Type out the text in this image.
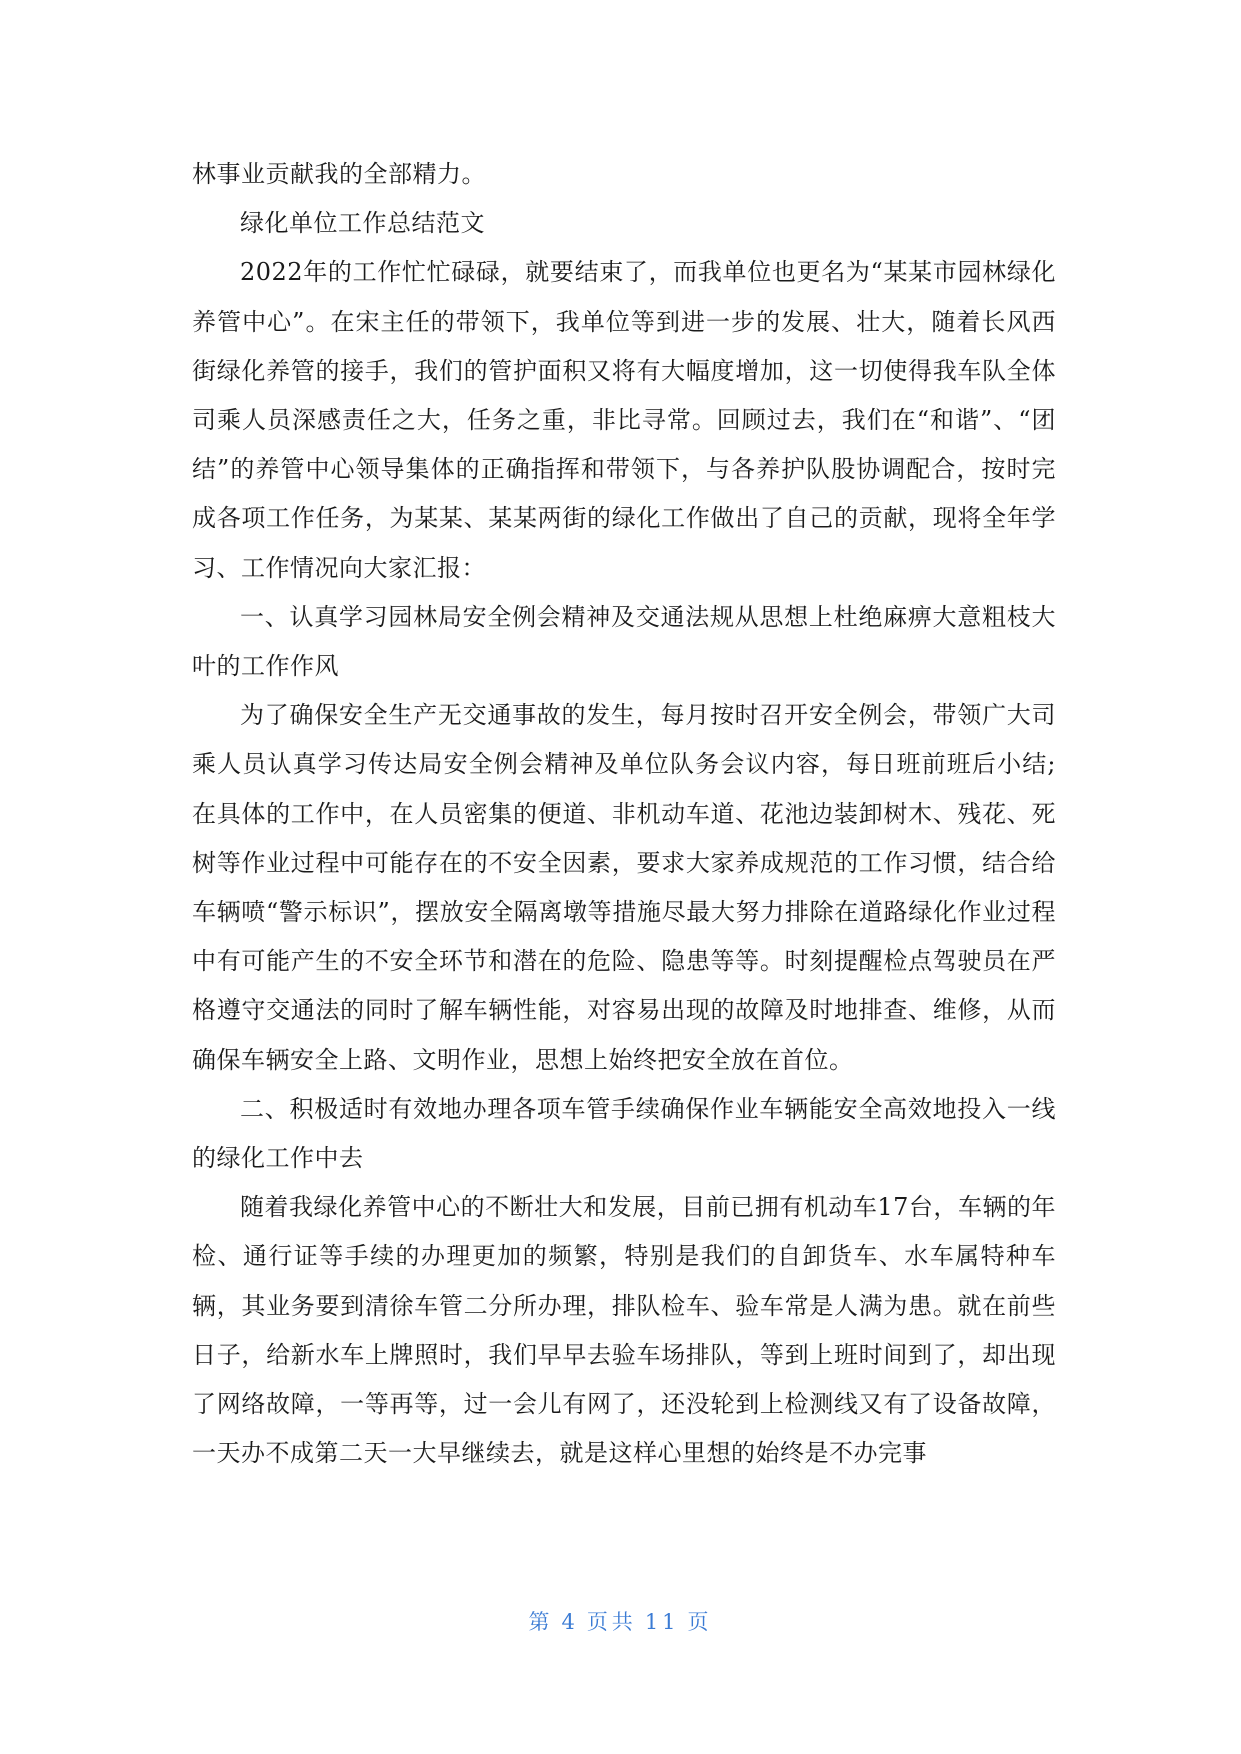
林事业贡献我的全部精力。

绿化单位工作总结范文

2022年的工作忙忙碌碌，就要结束了，而我单位也更名为“某某市园林绿化养管中心”。在宋主任的带领下，我单位等到进一步的发展、壮大，随着长风西街绿化养管的接手，我们的管护面积又将有大幅度增加，这一切使得我车队全体司乘人员深感责任之大，任务之重，非比寻常。回顾过去，我们在“和谐”、“团结”的养管中心领导集体的正确指挥和带领下，与各养护队股协调配合，按时完成各项工作任务，为某某、某某两街的绿化工作做出了自己的贡献，现将全年学习、工作情况向大家汇报：

一、认真学习园林局安全例会精神及交通法规从思想上杜绝麻痹大意粗枝大叶的工作作风

为了确保安全生产无交通事故的发生，每月按时召开安全例会，带领广大司乘人员认真学习传达局安全例会精神及单位队务会议内容，每日班前班后小结;在具体的工作中，在人员密集的便道、非机动车道、花池边装卸树木、残花、死树等作业过程中可能存在的不安全因素，要求大家养成规范的工作习惯，结合给车辆喷“警示标识”，摆放安全隔离墩等措施尽最大努力排除在道路绿化作业过程中有可能产生的不安全环节和潜在的危险、隐患等等。时刻提醒检点驾驶员在严格遵守交通法的同时了解车辆性能，对容易出现的故障及时地排查、维修，从而确保车辆安全上路、文明作业，思想上始终把安全放在首位。

二、积极适时有效地办理各项车管手续确保作业车辆能安全高效地投入一线的绿化工作中去

随着我绿化养管中心的不断壮大和发展，目前已拥有机动车17台，车辆的年检、通行证等手续的办理更加的频繁，特别是我们的自卸货车、水车属特种车辆，其业务要到清徐车管二分所办理，排队检车、验车常是人满为患。就在前些日子，给新水车上牌照时，我们早早去验车场排队，等到上班时间到了，却出现了网络故障，一等再等，过一会儿有网了，还没轮到上检测线又有了设备故障，一天办不成第二天一大早继续去，就是这样心里想的始终是不办完事

第 4 页共 11 页
